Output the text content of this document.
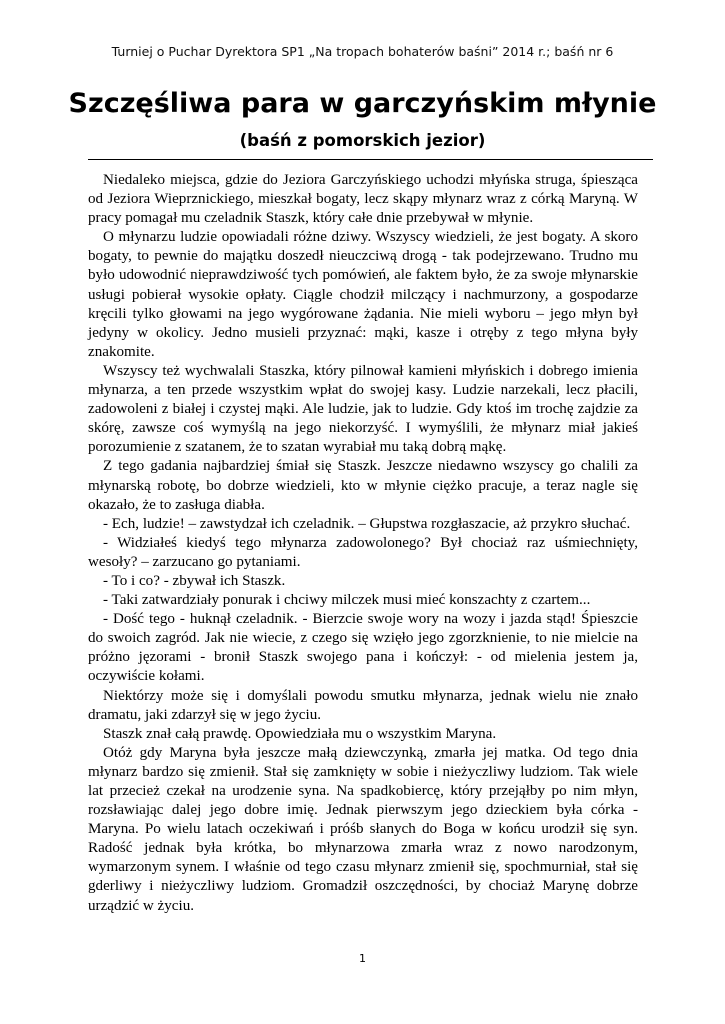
Turniej o Puchar Dyrektora SP1 „Na tropach bohaterów baśni” 2014 r.; baśń nr 6
Szczęśliwa para w garczyńskim młynie
(baśń z pomorskich jezior)

Niedaleko miejsca, gdzie do Jeziora Garczyńskiego uchodzi młyńska struga, śpiesząca od Jeziora Wieprznickiego, mieszkał bogaty, lecz skąpy młynarz wraz z córką Maryną. W pracy pomagał mu czeladnik Staszk, który całe dnie przebywał w młynie.

O młynarzu ludzie opowiadali różne dziwy. Wszyscy wiedzieli, że jest bogaty. A skoro bogaty, to pewnie do majątku doszedł nieuczciwą drogą - tak podejrzewano. Trudno mu było udowodnić nieprawdziwość tych pomówień, ale faktem było, że za swoje młynarskie usługi pobierał wysokie opłaty. Ciągle chodził milczący i nachmurzony, a gospodarze kręcili tylko głowami na jego wygórowane żądania. Nie mieli wyboru – jego młyn był jedyny w okolicy. Jedno musieli przyznać: mąki, kasze i otręby z tego młyna były znakomite.

Wszyscy też wychwalali Staszka, który pilnował kamieni młyńskich i dobrego imienia młynarza, a ten przede wszystkim wpłat do swojej kasy. Ludzie narzekali, lecz płacili, zadowoleni z białej i czystej mąki. Ale ludzie, jak to ludzie. Gdy ktoś im trochę zajdzie za skórę, zawsze coś wymyślą na jego niekorzyść. I wymyślili, że młynarz miał jakieś porozumienie z szatanem, że to szatan wyrabiał mu taką dobrą mąkę.

Z tego gadania najbardziej śmiał się Staszk. Jeszcze niedawno wszyscy go chalili za młynarską robotę, bo dobrze wiedzieli, kto w młynie ciężko pracuje, a teraz nagle się okazało, że to zasługa diabła.

- Ech, ludzie! – zawstydzał ich czeladnik. – Głupstwa rozgłaszacie, aż przykro słuchać.

- Widziałeś kiedyś tego młynarza zadowolonego? Był chociaż raz uśmiechnięty, wesoły? – zarzucano go pytaniami.

- To i co? - zbywał ich Staszk.

- Taki zatwardziały ponurak i chciwy milczek musi mieć konszachty z czartem...

- Dość tego - huknął czeladnik. - Bierzcie swoje wory na wozy i jazda stąd! Śpieszcie do swoich zagród. Jak nie wiecie, z czego się wzięło jego zgorzknienie, to nie mielcie na próżno jęzorami - bronił Staszk swojego pana i kończył: - od mielenia jestem ja, oczywiście kołami.

Niektórzy może się i domyślali powodu smutku młynarza, jednak wielu nie znało dramatu, jaki zdarzył się w jego życiu.

Staszk znał całą prawdę. Opowiedziała mu o wszystkim Maryna.

Otóż gdy Maryna była jeszcze małą dziewczynką, zmarła jej matka. Od tego dnia młynarz bardzo się zmienił. Stał się zamknięty w sobie i nieżyczliwy ludziom. Tak wiele lat przecież czekał na urodzenie syna. Na spadkobiercę, który przejąłby po nim młyn, rozsławiając dalej jego dobre imię. Jednak pierwszym jego dzieckiem była córka - Maryna. Po wielu latach oczekiwań i próśb słanych do Boga w końcu urodził się syn. Radość jednak była krótka, bo młynarzowa zmarła wraz z nowo narodzonym, wymarzonym synem. I właśnie od tego czasu młynarz zmienił się, spochmurniał, stał się gderliwy i nieżyczliwy ludziom. Gromadził oszczędności, by chociaż Marynę dobrze urządzić w życiu.

1
